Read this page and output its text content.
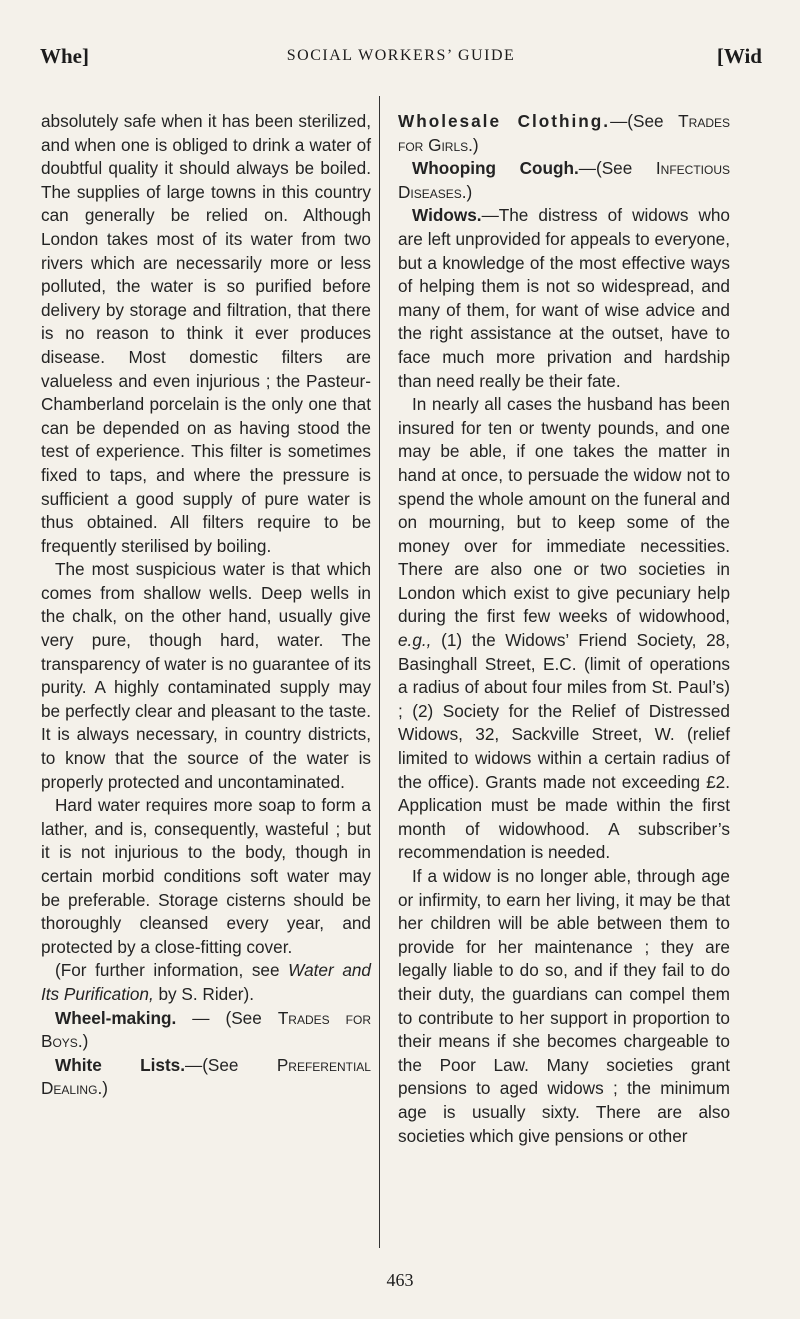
Whe]	SOCIAL WORKERS’ GUIDE	[Wid

absolutely safe when it has been sterilized, and when one is obliged to drink a water of doubtful quality it should always be boiled. The supplies of large towns in this country can generally be relied on. Although London takes most of its water from two rivers which are necessarily more or less polluted, the water is so purified before delivery by storage and filtration, that there is no reason to think it ever produces disease. Most domestic filters are valueless and even injurious ; the Pasteur-Chamberland porcelain is the only one that can be depended on as having stood the test of experience. This filter is sometimes fixed to taps, and where the pressure is sufficient a good supply of pure water is thus obtained. All filters require to be frequently sterilised by boiling.

The most suspicious water is that which comes from shallow wells. Deep wells in the chalk, on the other hand, usually give very pure, though hard, water. The transparency of water is no guarantee of its purity. A highly contaminated supply may be perfectly clear and pleasant to the taste. It is always necessary, in country districts, to know that the source of the water is properly protected and uncontaminated.

Hard water requires more soap to form a lather, and is, consequently, wasteful ; but it is not injurious to the body, though in certain morbid conditions soft water may be preferable. Storage cisterns should be thoroughly cleansed every year, and protected by a close-fitting cover.

(For further information, see Water and Its Purification, by S. Rider).

Wheel-making. — (See Trades for Boys.)

White Lists.—(See Preferential Dealing.)

Wholesale Clothing.—(See Trades for Girls.)

Whooping Cough.—(See Infectious Diseases.)

Widows.—The distress of widows who are left unprovided for appeals to everyone, but a knowledge of the most effective ways of helping them is not so widespread, and many of them, for want of wise advice and the right assistance at the outset, have to face much more privation and hardship than need really be their fate.

In nearly all cases the husband has been insured for ten or twenty pounds, and one may be able, if one takes the matter in hand at once, to persuade the widow not to spend the whole amount on the funeral and on mourning, but to keep some of the money over for immediate necessities. There are also one or two societies in London which exist to give pecuniary help during the first few weeks of widowhood, e.g., (1) the Widows’ Friend Society, 28, Basinghall Street, E.C. (limit of operations a radius of about four miles from St. Paul’s) ; (2) Society for the Relief of Distressed Widows, 32, Sackville Street, W. (relief limited to widows within a certain radius of the office). Grants made not exceeding £2. Application must be made within the first month of widowhood. A subscriber’s recommendation is needed.

If a widow is no longer able, through age or infirmity, to earn her living, it may be that her children will be able between them to provide for her maintenance ; they are legally liable to do so, and if they fail to do their duty, the guardians can compel them to contribute to her support in proportion to their means if she becomes chargeable to the Poor Law. Many societies grant pensions to aged widows ; the minimum age is usually sixty. There are also societies which give pensions or other

463
